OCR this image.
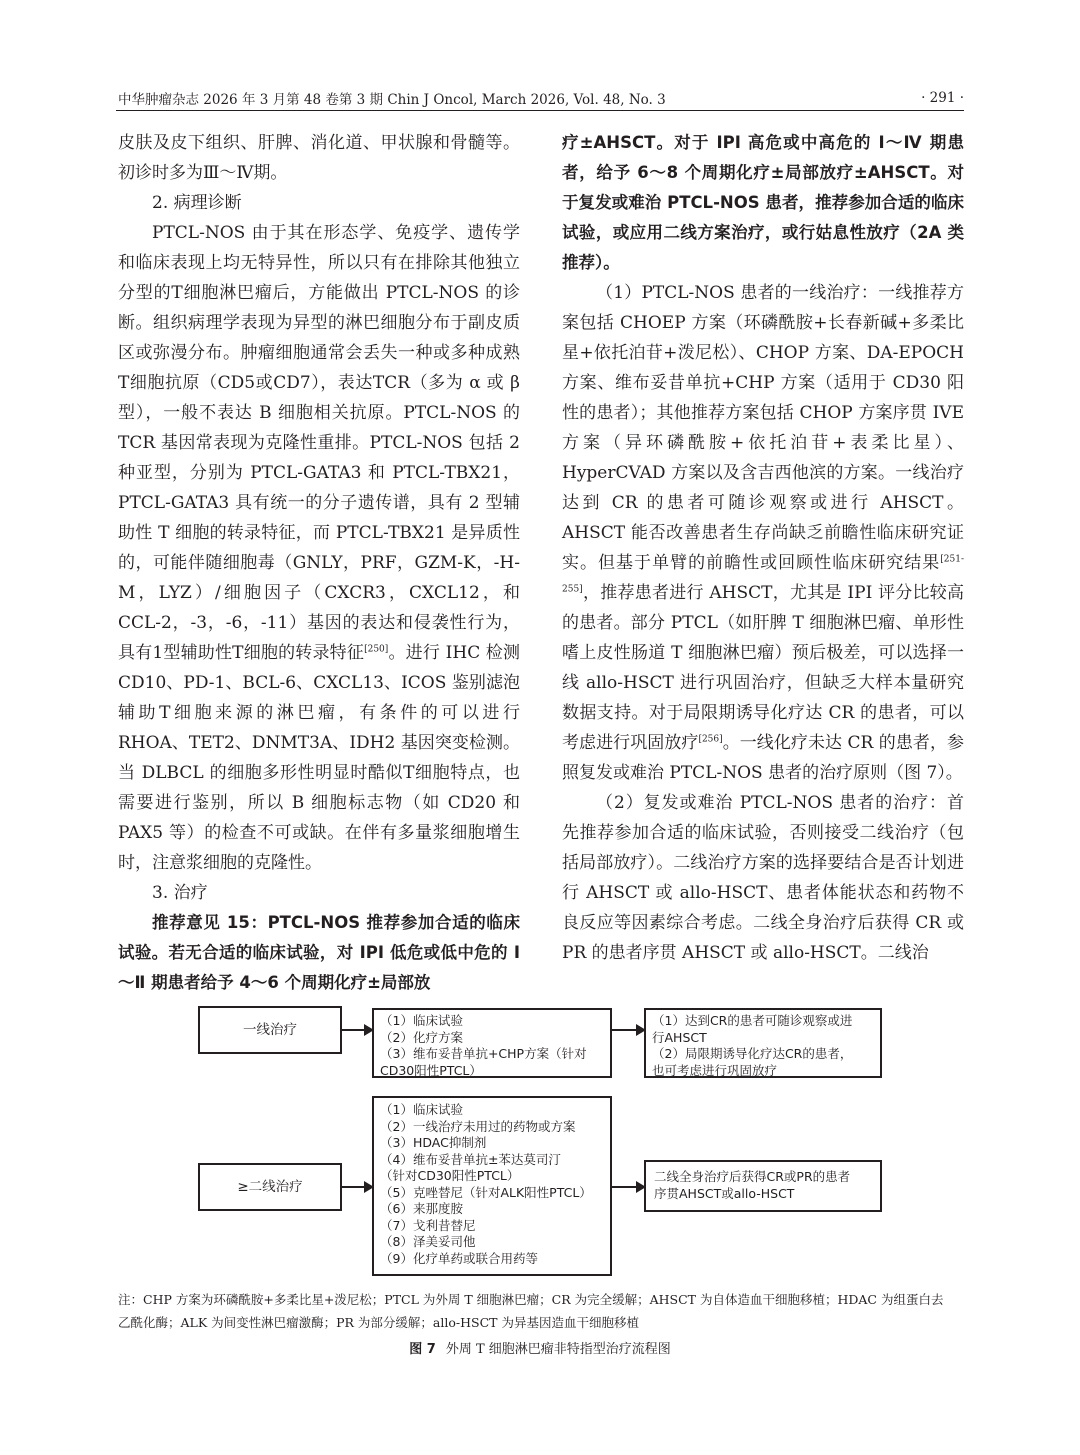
中华肿瘤杂志 2026 年 3 月第 48 卷第 3 期 Chin J Oncol, March 2026, Vol. 48, No. 3	· 291 ·

皮肤及皮下组织、肝脾、消化道、甲状腺和骨髓等。初诊时多为Ⅲ～Ⅳ期。

2. 病理诊断

PTCL-NOS 由于其在形态学、免疫学、遗传学和临床表现上均无特异性，所以只有在排除其他独立分型的T细胞淋巴瘤后，方能做出 PTCL-NOS 的诊断。组织病理学表现为异型的淋巴细胞分布于副皮质区或弥漫分布。肿瘤细胞通常会丢失一种或多种成熟T细胞抗原（CD5或CD7），表达TCR（多为 α 或 β 型），一般不表达 B 细胞相关抗原。PTCL-NOS 的 TCR 基因常表现为克隆性重排。PTCL-NOS 包括 2 种亚型，分别为 PTCL-GATA3 和 PTCL-TBX21，PTCL-GATA3 具有统一的分子遗传谱，具有 2 型辅助性 T 细胞的转录特征，而 PTCL-TBX21 是异质性的，可能伴随细胞毒（GNLY，PRF，GZM-K，-H-M，LYZ）/细胞因子（CXCR3，CXCL12，和 CCL-2，-3，-6，-11）基因的表达和侵袭性行为，具有1型辅助性T细胞的转录特征[250]。进行 IHC 检测 CD10、PD-1、BCL-6、CXCL13、ICOS 鉴别滤泡辅助T细胞来源的淋巴瘤，有条件的可以进行 RHOA、TET2、DNMT3A、IDH2 基因突变检测。当 DLBCL 的细胞多形性明显时酷似T细胞特点，也需要进行鉴别，所以 B 细胞标志物（如 CD20 和 PAX5 等）的检查不可或缺。在伴有多量浆细胞增生时，注意浆细胞的克隆性。

3. 治疗

推荐意见 15：PTCL-NOS 推荐参加合适的临床试验。若无合适的临床试验，对 IPI 低危或低中危的 Ⅰ～Ⅱ 期患者给予 4～6 个周期化疗±局部放

疗±AHSCT。对于 IPI 高危或中高危的 Ⅰ～Ⅳ 期患者，给予 6～8 个周期化疗±局部放疗±AHSCT。对于复发或难治 PTCL-NOS 患者，推荐参加合适的临床试验，或应用二线方案治疗，或行姑息性放疗（2A 类推荐）。

（1）PTCL-NOS 患者的一线治疗：一线推荐方案包括 CHOEP 方案（环磷酰胺+长春新碱+多柔比星+依托泊苷+泼尼松）、CHOP 方案、DA-EPOCH 方案、维布妥昔单抗+CHP 方案（适用于 CD30 阳性的患者）；其他推荐方案包括 CHOP 方案序贯 IVE 方案（异环磷酰胺+依托泊苷+表柔比星）、HyperCVAD 方案以及含吉西他滨的方案。一线治疗达到 CR 的患者可随诊观察或进行 AHSCT。AHSCT 能否改善患者生存尚缺乏前瞻性临床研究证实。但基于单臂的前瞻性或回顾性临床研究结果[251-255]，推荐患者进行 AHSCT，尤其是 IPI 评分比较高的患者。部分 PTCL（如肝脾 T 细胞淋巴瘤、单形性嗜上皮性肠道 T 细胞淋巴瘤）预后极差，可以选择一线 allo-HSCT 进行巩固治疗，但缺乏大样本量研究数据支持。对于局限期诱导化疗达 CR 的患者，可以考虑进行巩固放疗[256]。一线化疗未达 CR 的患者，参照复发或难治 PTCL-NOS 患者的治疗原则（图 7）。

（2）复发或难治 PTCL-NOS 患者的治疗：首先推荐参加合适的临床试验，否则接受二线治疗（包括局部放疗）。二线治疗方案的选择要结合是否计划进行 AHSCT 或 allo-HSCT、患者体能状态和药物不良反应等因素综合考虑。二线全身治疗后获得 CR 或 PR 的患者序贯 AHSCT 或 allo-HSCT。二线治

一线治疗
（1）临床试验
（2）化疗方案
（3）维布妥昔单抗+CHP方案（针对
CD30阳性PTCL）
（1）达到CR的患者可随诊观察或进
行AHSCT
（2）局限期诱导化疗达CR的患者，
也可考虑进行巩固放疗
≥二线治疗
（1）临床试验
（2）一线治疗未用过的药物或方案
（3）HDAC抑制剂
（4）维布妥昔单抗±苯达莫司汀
（针对CD30阳性PTCL）
（5）克唑替尼（针对ALK阳性PTCL）
（6）来那度胺
（7）戈利昔替尼
（8）泽美妥司他
（9）化疗单药或联合用药等
二线全身治疗后获得CR或PR的患者
序贯AHSCT或allo-HSCT
注：CHP 方案为环磷酰胺+多柔比星+泼尼松；PTCL 为外周 T 细胞淋巴瘤；CR 为完全缓解；AHSCT 为自体造血干细胞移植；HDAC 为组蛋白去乙酰化酶；ALK 为间变性淋巴瘤激酶；PR 为部分缓解；allo-HSCT 为异基因造血干细胞移植
图 7 外周 T 细胞淋巴瘤非特指型治疗流程图
